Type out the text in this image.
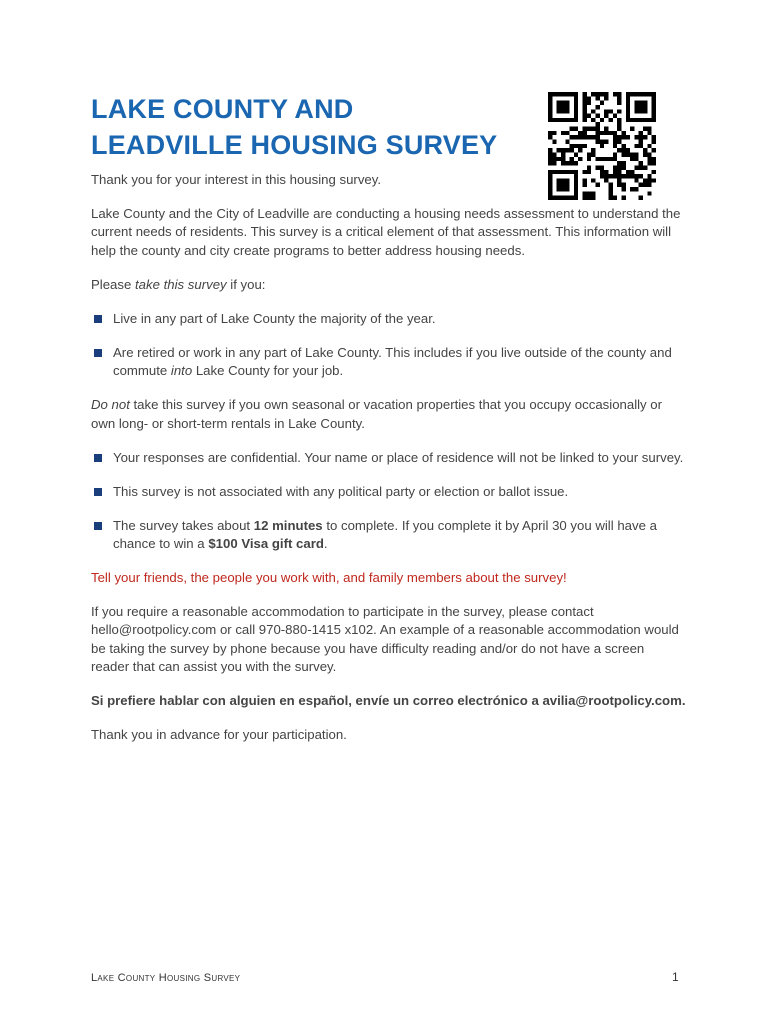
LAKE COUNTY AND
LEADVILLE HOUSING SURVEY

Thank you for your interest in this housing survey.

Lake County and the City of Leadville are conducting a housing needs assessment to understand the current needs of residents. This survey is a critical element of that assessment. This information will help the county and city create programs to better address housing needs.

Please take this survey if you:

Live in any part of Lake County the majority of the year.
Are retired or work in any part of Lake County. This includes if you live outside of the county and commute into Lake County for your job.

Do not take this survey if you own seasonal or vacation properties that you occupy occasionally or own long- or short-term rentals in Lake County.

Your responses are confidential. Your name or place of residence will not be linked to your survey.
This survey is not associated with any political party or election or ballot issue.
The survey takes about 12 minutes to complete. If you complete it by April 30 you will have a chance to win a $100 Visa gift card.

Tell your friends, the people you work with, and family members about the survey!

If you require a reasonable accommodation to participate in the survey, please contact hello@rootpolicy.com or call 970-880-1415 x102. An example of a reasonable accommodation would be taking the survey by phone because you have difficulty reading and/or do not have a screen reader that can assist you with the survey.

Si prefiere hablar con alguien en español, envíe un correo electrónico a avilia@rootpolicy.com.

Thank you in advance for your participation.

Lake County Housing Survey	1
